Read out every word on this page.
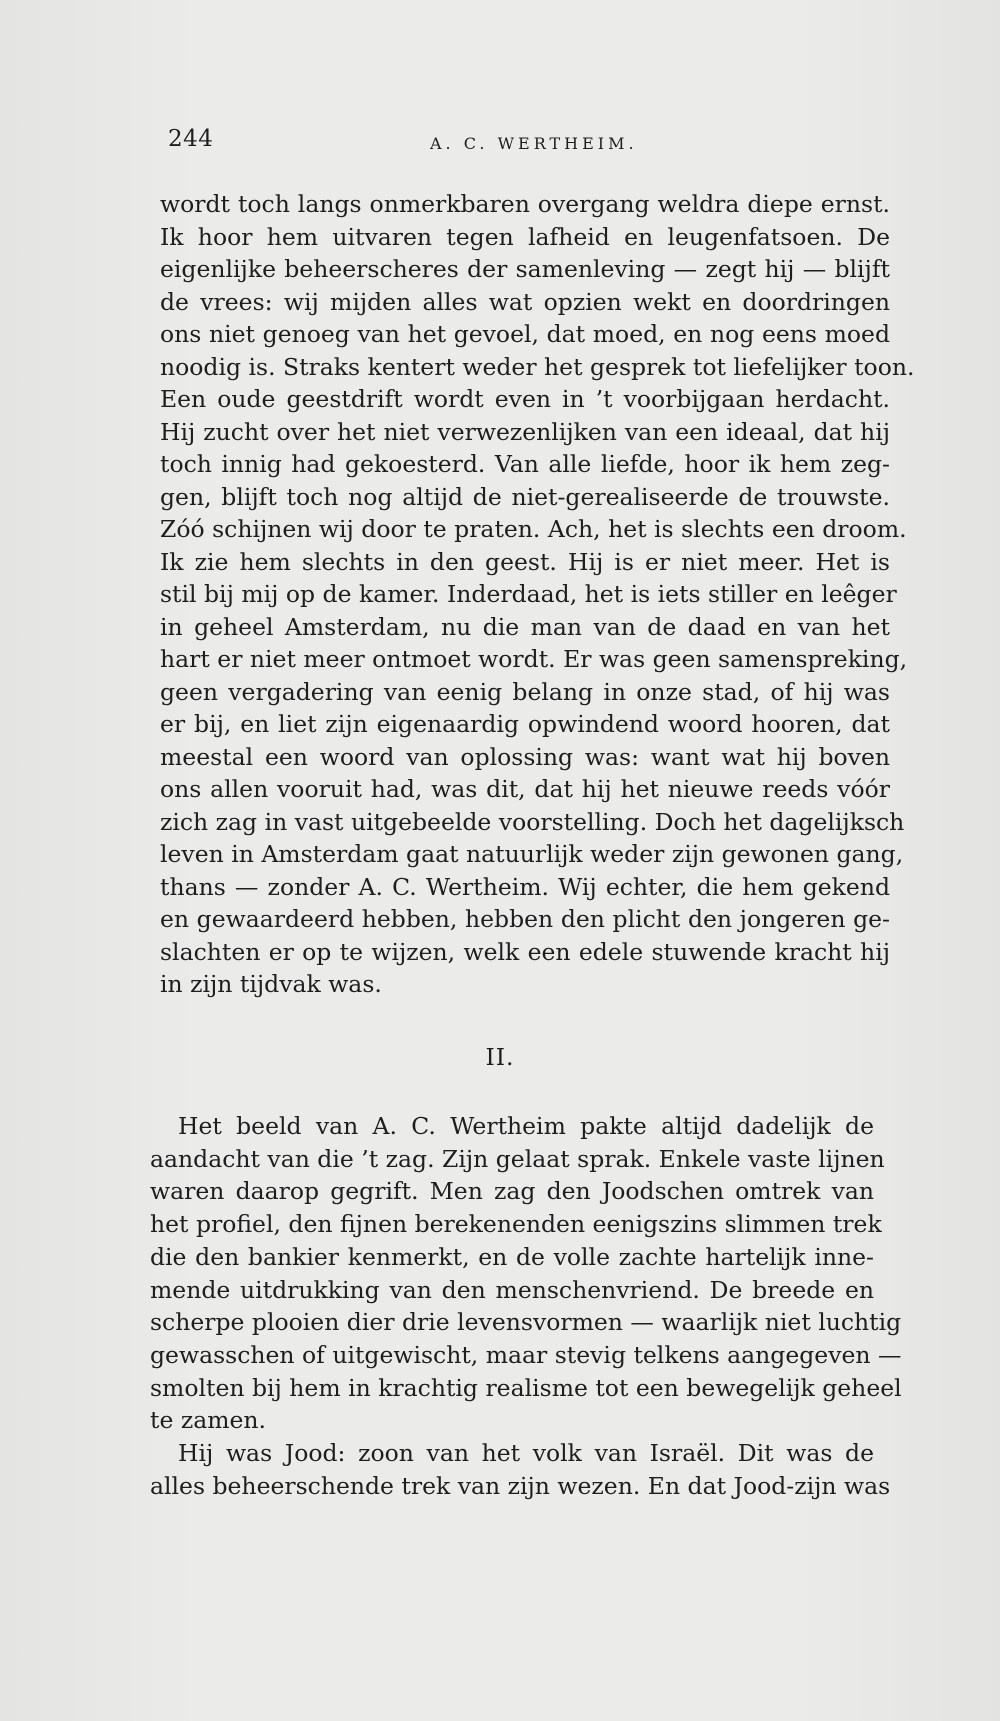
244	A. C. WERTHEIM.

wordt toch langs onmerkbaren overgang weldra diepe ernst.
Ik hoor hem uitvaren tegen lafheid en leugenfatsoen. De
eigenlijke beheerscheres der samenleving — zegt hij — blijft
de vrees: wij mijden alles wat opzien wekt en doordringen
ons niet genoeg van het gevoel, dat moed, en nog eens moed
noodig is. Straks kentert weder het gesprek tot liefelijker toon.
Een oude geestdrift wordt even in ’t voorbijgaan herdacht.
Hij zucht over het niet verwezenlijken van een ideaal, dat hij
toch innig had gekoesterd. Van alle liefde, hoor ik hem zeg-
gen, blijft toch nog altijd de niet-gerealiseerde de trouwste.
Zóó schijnen wij door te praten. Ach, het is slechts een droom.
Ik zie hem slechts in den geest. Hij is er niet meer. Het is
stil bij mij op de kamer. Inderdaad, het is iets stiller en leêger
in geheel Amsterdam, nu die man van de daad en van het
hart er niet meer ontmoet wordt. Er was geen samenspreking,
geen vergadering van eenig belang in onze stad, of hij was
er bij, en liet zijn eigenaardig opwindend woord hooren, dat
meestal een woord van oplossing was: want wat hij boven
ons allen vooruit had, was dit, dat hij het nieuwe reeds vóór
zich zag in vast uitgebeelde voorstelling. Doch het dagelijksch
leven in Amsterdam gaat natuurlijk weder zijn gewonen gang,
thans — zonder A. C. Wertheim. Wij echter, die hem gekend
en gewaardeerd hebben, hebben den plicht den jongeren ge-
slachten er op te wijzen, welk een edele stuwende kracht hij
in zijn tijdvak was.

II.

Het beeld van A. C. Wertheim pakte altijd dadelijk de
aandacht van die ’t zag. Zijn gelaat sprak. Enkele vaste lijnen
waren daarop gegrift. Men zag den Joodschen omtrek van
het profiel, den fijnen berekenenden eenigszins slimmen trek
die den bankier kenmerkt, en de volle zachte hartelijk inne-
mende uitdrukking van den menschenvriend. De breede en
scherpe plooien dier drie levensvormen — waarlijk niet luchtig
gewasschen of uitgewischt, maar stevig telkens aangegeven —
smolten bij hem in krachtig realisme tot een bewegelijk geheel
te zamen.

Hij was Jood: zoon van het volk van Israël. Dit was de
alles beheerschende trek van zijn wezen. En dat Jood-zijn was
